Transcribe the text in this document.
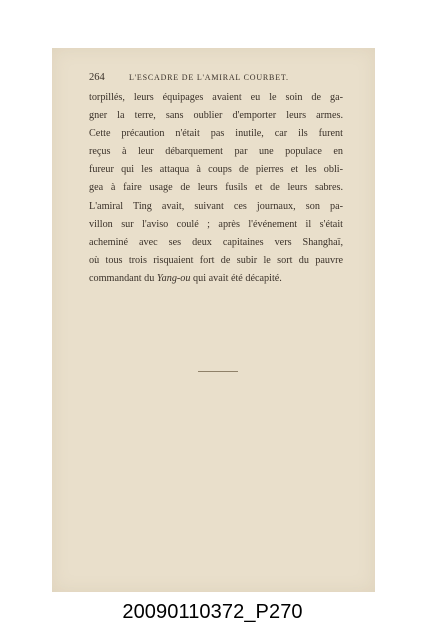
264	L'ESCADRE DE L'AMIRAL COURBET.
torpillés, leurs équipages avaient eu le soin de ga-
gner la terre, sans oublier d'emporter leurs armes.
Cette précaution n'était pas inutile, car ils furent
reçus à leur débarquement par une populace en
fureur qui les attaqua à coups de pierres et les obli-
gea à faire usage de leurs fusils et de leurs sabres.
L'amiral Ting avait, suivant ces journaux, son pa-
villon sur l'aviso coulé ; après l'événement il s'était
acheminé avec ses deux capitaines vers Shanghaï,
où tous trois risquaient fort de subir le sort du pauvre
commandant du Yang-ou qui avait été décapité.
20090110372_P270
